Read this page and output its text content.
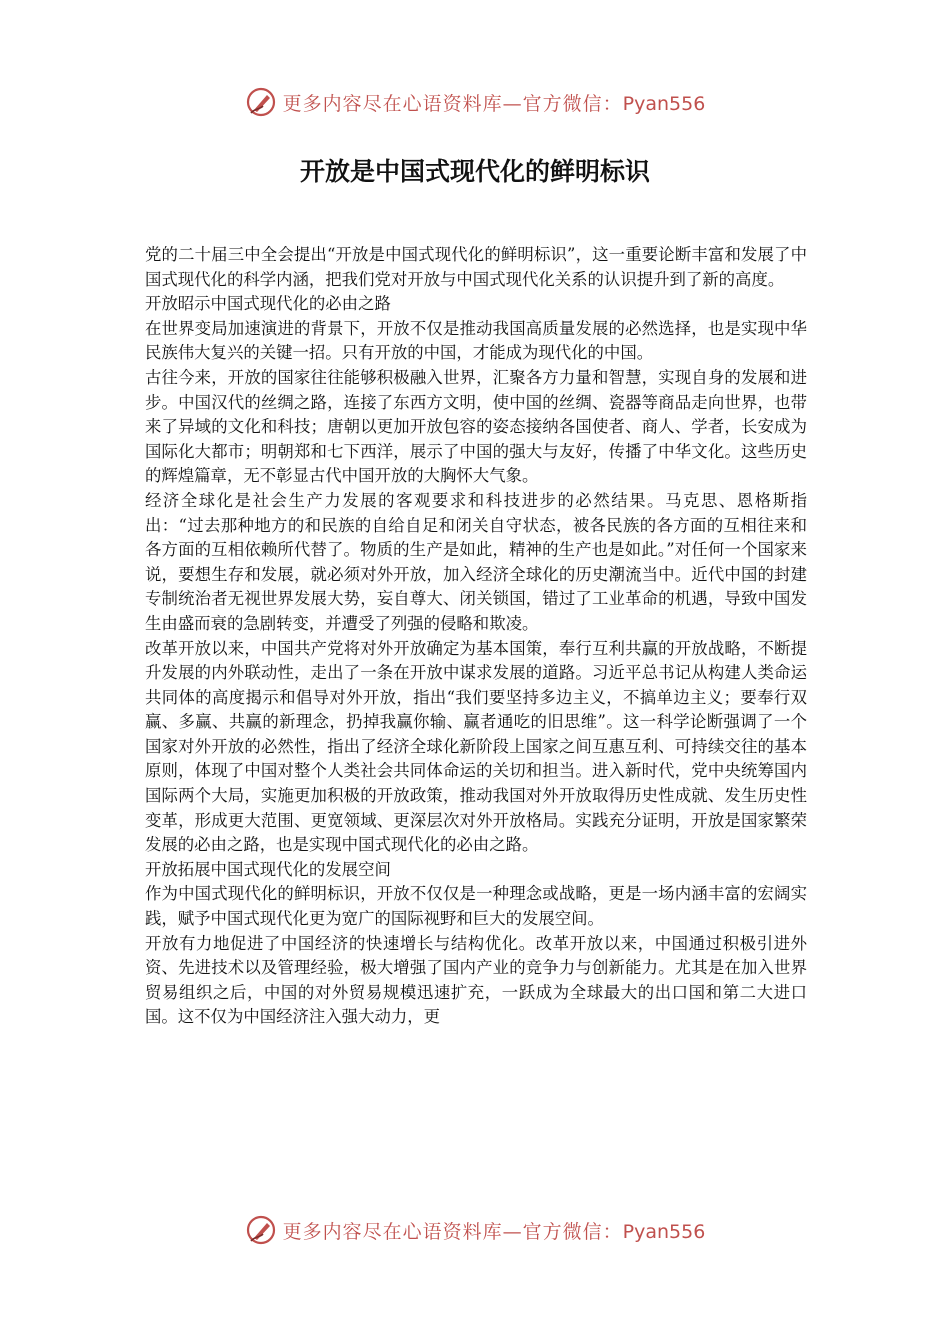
更多内容尽在心语资料库—官方微信：Pyan556
开放是中国式现代化的鲜明标识

党的二十届三中全会提出“开放是中国式现代化的鲜明标识”，这一重要论断丰富和发展了中国式现代化的科学内涵，把我们党对开放与中国式现代化关系的认识提升到了新的高度。

开放昭示中国式现代化的必由之路

在世界变局加速演进的背景下，开放不仅是推动我国高质量发展的必然选择，也是实现中华民族伟大复兴的关键一招。只有开放的中国，才能成为现代化的中国。

古往今来，开放的国家往往能够积极融入世界，汇聚各方力量和智慧，实现自身的发展和进步。中国汉代的丝绸之路，连接了东西方文明，使中国的丝绸、瓷器等商品走向世界，也带来了异域的文化和科技；唐朝以更加开放包容的姿态接纳各国使者、商人、学者，长安成为国际化大都市；明朝郑和七下西洋，展示了中国的强大与友好，传播了中华文化。这些历史的辉煌篇章，无不彰显古代中国开放的大胸怀大气象。

经济全球化是社会生产力发展的客观要求和科技进步的必然结果。马克思、恩格斯指出：“过去那种地方的和民族的自给自足和闭关自守状态，被各民族的各方面的互相往来和各方面的互相依赖所代替了。物质的生产是如此，精神的生产也是如此。”对任何一个国家来说，要想生存和发展，就必须对外开放，加入经济全球化的历史潮流当中。近代中国的封建专制统治者无视世界发展大势，妄自尊大、闭关锁国，错过了工业革命的机遇，导致中国发生由盛而衰的急剧转变，并遭受了列强的侵略和欺凌。

改革开放以来，中国共产党将对外开放确定为基本国策，奉行互利共赢的开放战略，不断提升发展的内外联动性，走出了一条在开放中谋求发展的道路。习近平总书记从构建人类命运共同体的高度揭示和倡导对外开放，指出“我们要坚持多边主义，不搞单边主义；要奉行双赢、多赢、共赢的新理念，扔掉我赢你输、赢者通吃的旧思维”。这一科学论断强调了一个国家对外开放的必然性，指出了经济全球化新阶段上国家之间互惠互利、可持续交往的基本原则，体现了中国对整个人类社会共同体命运的关切和担当。进入新时代，党中央统筹国内国际两个大局，实施更加积极的开放政策，推动我国对外开放取得历史性成就、发生历史性变革，形成更大范围、更宽领域、更深层次对外开放格局。实践充分证明，开放是国家繁荣发展的必由之路，也是实现中国式现代化的必由之路。

开放拓展中国式现代化的发展空间

作为中国式现代化的鲜明标识，开放不仅仅是一种理念或战略，更是一场内涵丰富的宏阔实践，赋予中国式现代化更为宽广的国际视野和巨大的发展空间。

开放有力地促进了中国经济的快速增长与结构优化。改革开放以来，中国通过积极引进外资、先进技术以及管理经验，极大增强了国内产业的竞争力与创新能力。尤其是在加入世界贸易组织之后，中国的对外贸易规模迅速扩充，一跃成为全球最大的出口国和第二大进口国。这不仅为中国经济注入强大动力，更

更多内容尽在心语资料库—官方微信：Pyan556
